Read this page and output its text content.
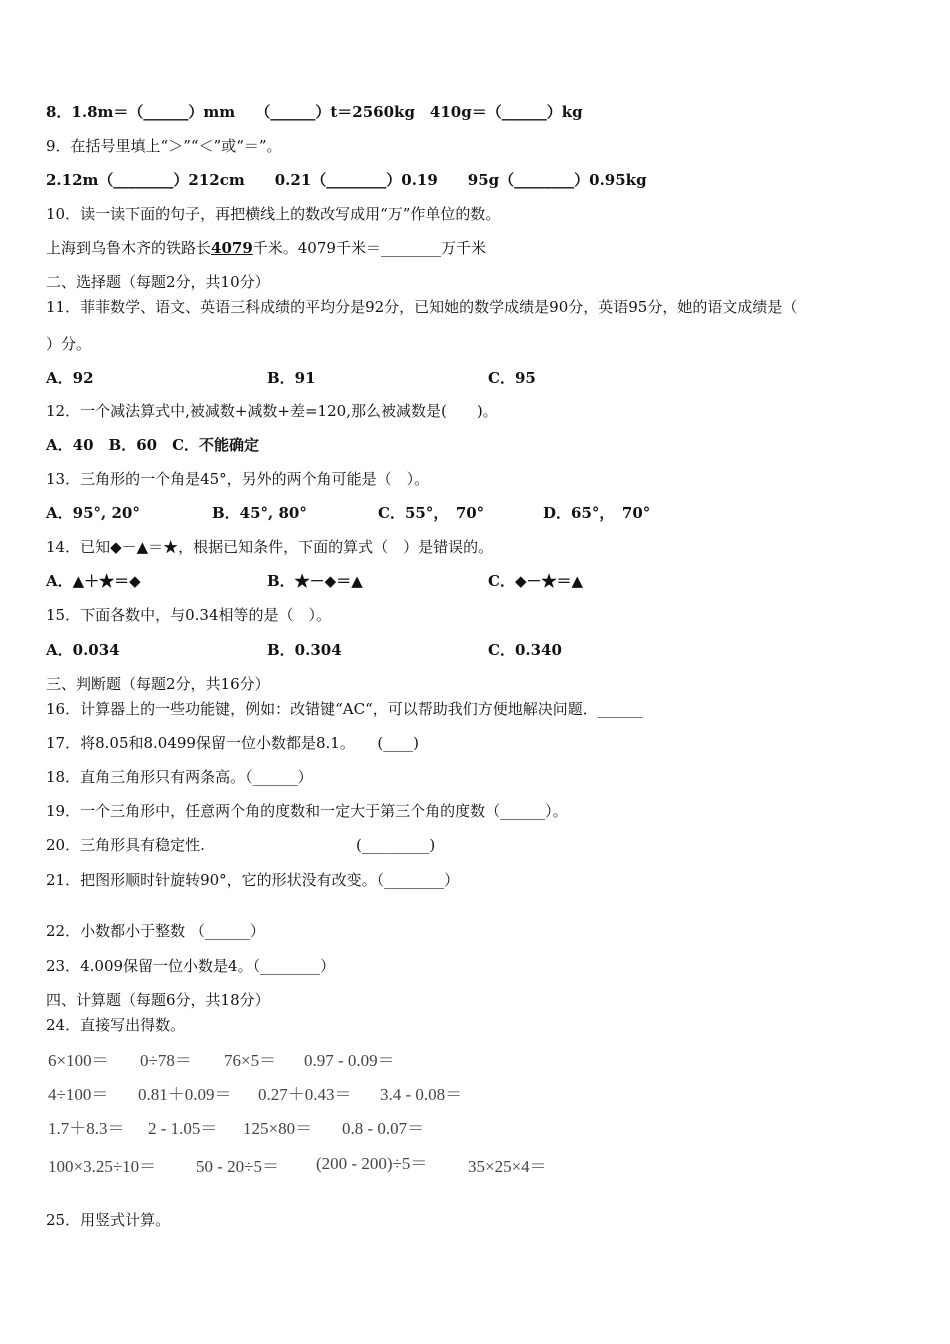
8．1.8m＝（______）mm　 （______）t＝2560kg　410g＝（______）kg
9．在括号里填上“＞”“＜”或“＝”。
2.12m（________）212cm　　0.21（________）0.19　　95g（________）0.95kg
10．读一读下面的句子，再把横线上的数改写成用“万”作单位的数。
上海到乌鲁木齐的铁路长4079千米。4079千米＝________万千米
二、选择题（每题2分，共10分）
11．菲菲数学、语文、英语三科成绩的平均分是92分，已知她的数学成绩是90分，英语95分，她的语文成绩是（
）分。
A．92	B．91	C．95
12．一个减法算式中,被减数+减数+差=120,那么被减数是(　　)。
A．40　B．60　C．不能确定
13．三角形的一个角是45°，另外的两个角可能是（　）。
A．95°, 20°	B．45°, 80°	C．55°，　70°	D．65°，　70°
14．已知◆－▲＝★，根据已知条件，下面的算式（　）是错误的。
A．▲＋★＝◆	B．★－◆＝▲	C．◆－★＝▲
15．下面各数中，与0.34相等的是（　）。
A．0.034	B．0.304	C．0.340
三、判断题（每题2分，共16分）
16．计算器上的一些功能键，例如：改错键“AC“，可以帮助我们方便地解决问题．______
17．将8.05和8.0499保留一位小数都是8.1。　　(____)
18．直角三角形只有两条高。（______）
19．一个三角形中，任意两个角的度数和一定大于第三个角的度数（______）。
20．三角形具有稳定性.	(_________)
21．把图形顺时针旋转90°，它的形状没有改变。（________）
22．小数都小于整数 （______）
23．4.009保留一位小数是4。（________）
四、计算题（每题6分，共18分）
24．直接写出得数。
6×100＝ 0÷78＝ 76×5＝ 0.97 - 0.09＝
4÷100＝ 0.81＋0.09＝ 0.27＋0.43＝ 3.4 - 0.08＝
1.7＋8.3＝ 2 - 1.05＝ 125×80＝ 0.8 - 0.07＝
100×3.25÷10＝ 50 - 20÷5＝ (200 - 200)÷5＝ 35×25×4＝
25．用竖式计算。
